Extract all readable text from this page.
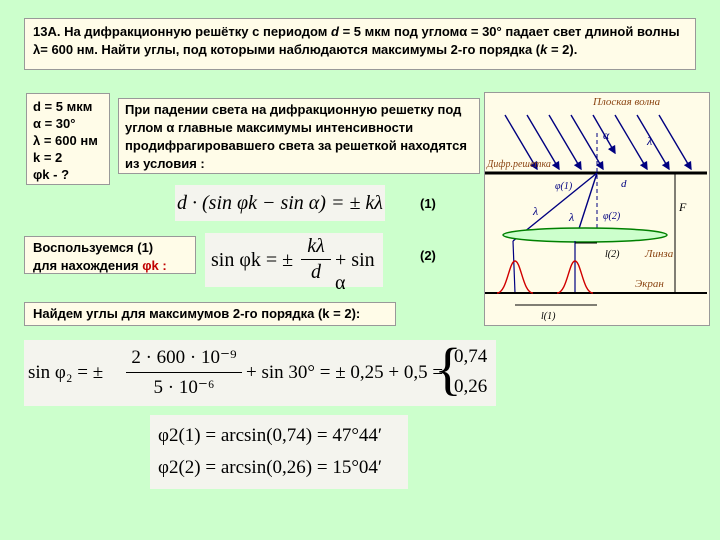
13А. На дифракционную решётку с периодом d = 5 мкм под угломα = 30° падает свет длиной волны λ= 600 нм. Найти углы, под которыми наблюдаются максимумы 2-го порядка (k = 2).
d = 5 мкм
α = 30°
λ = 600 нм
k = 2
φk - ?
При падении света на дифракционную решетку под углом α главные максимумы интенсивности продифрагировавшего света за решеткой находятся из условия :
d · (sin φk − sin α) = ± kλ	(1)
Воспользуемся (1)
для нахождения φk :	sin φk = ±
kλ
d
+ sin α
(2)
Найдем углы для максимумов 2-го порядка (k = 2):
sin φ₂ = ±
2 · 600 · 10⁻⁹
5 · 10⁻⁶
+ sin 30° = ± 0,25 + 0,5 =
{
0,74
0,26
φ2(1) = arcsin(0,74) = 47°44′
φ2(2) = arcsin(0,26) = 15°04′
Плоская волна
Дифр.решетка
α	λ
d
φ(1)
φ(2)
λ	λ
F
l(2) Линза
Экран
l(1)
